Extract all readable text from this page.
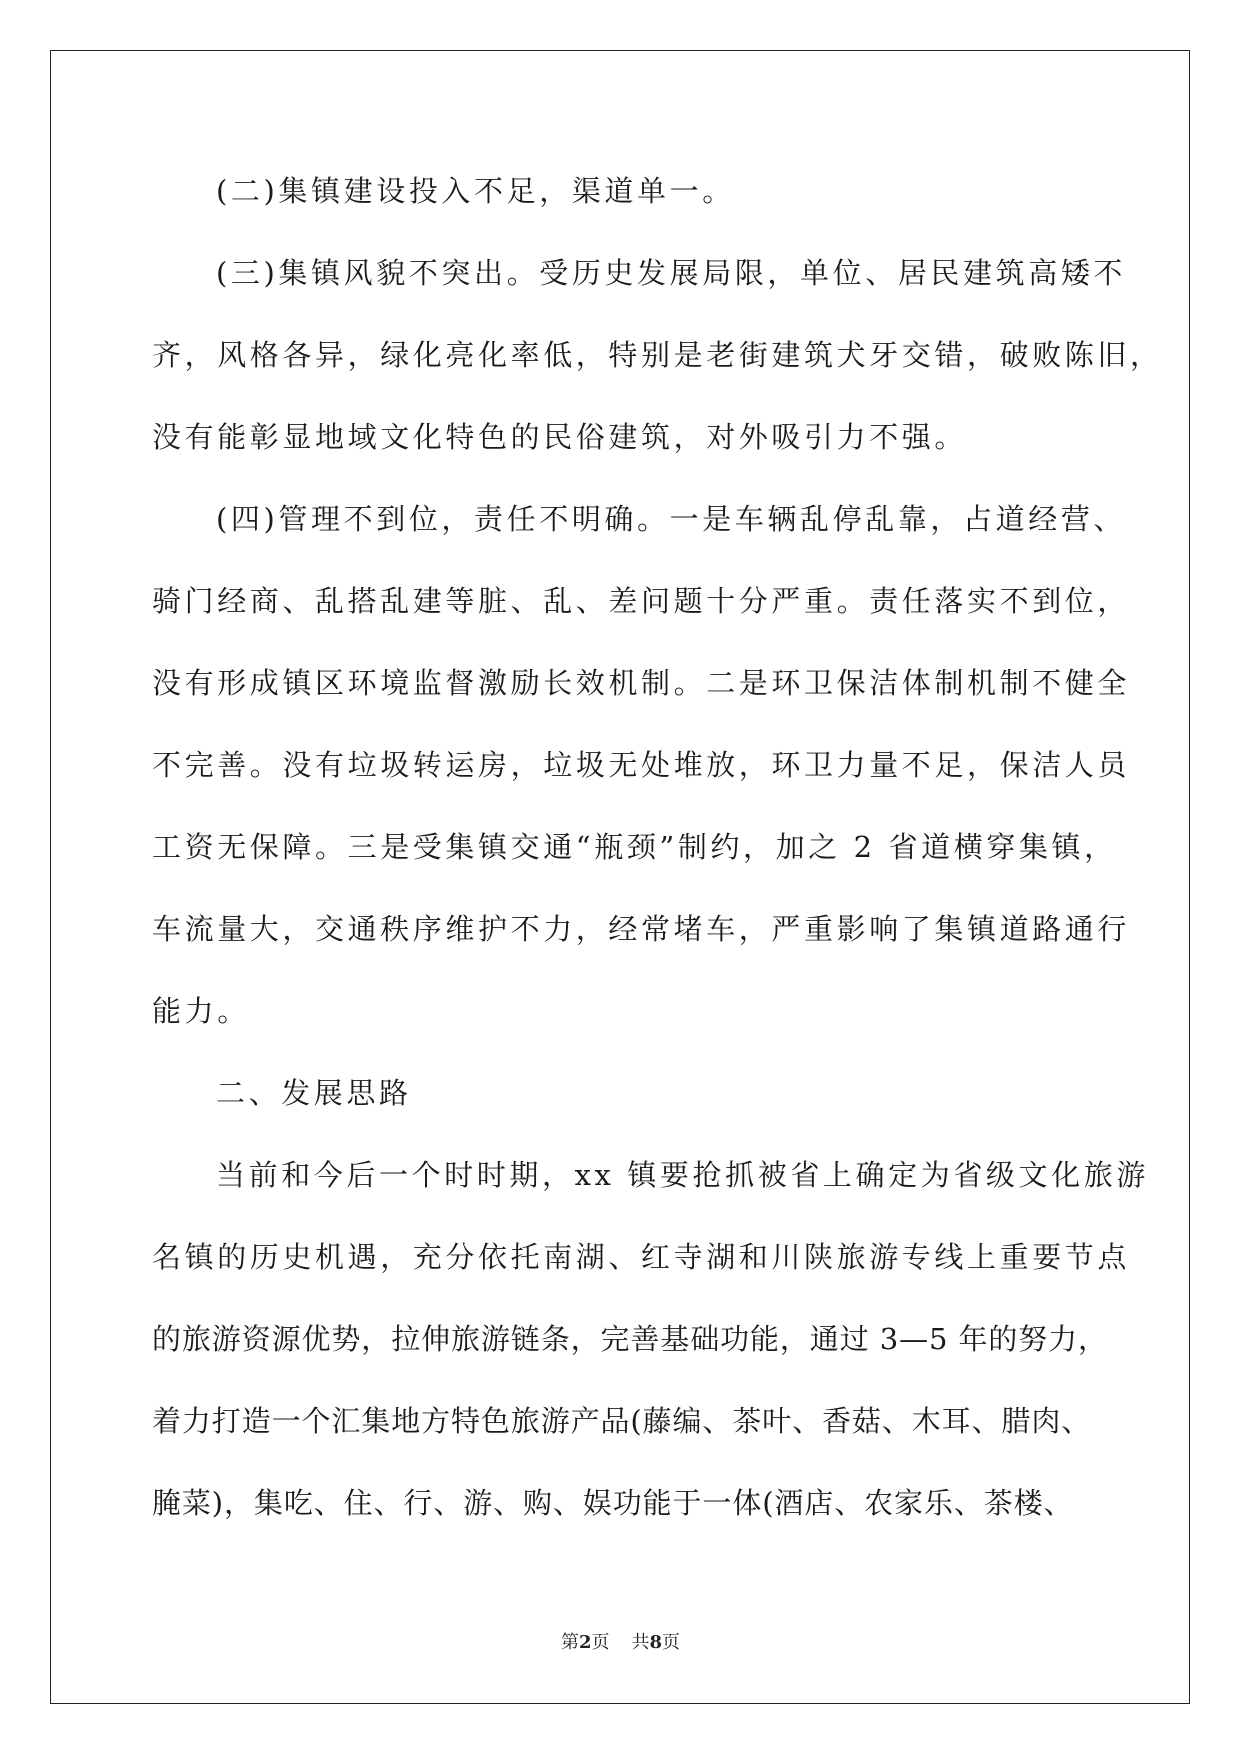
(二)集镇建设投入不足，渠道单一。
(三)集镇风貌不突出。受历史发展局限，单位、居民建筑高矮不
齐，风格各异，绿化亮化率低，特别是老街建筑犬牙交错，破败陈旧，
没有能彰显地域文化特色的民俗建筑，对外吸引力不强。
(四)管理不到位，责任不明确。一是车辆乱停乱靠，占道经营、
骑门经商、乱搭乱建等脏、乱、差问题十分严重。责任落实不到位，
没有形成镇区环境监督激励长效机制。二是环卫保洁体制机制不健全
不完善。没有垃圾转运房，垃圾无处堆放，环卫力量不足，保洁人员
工资无保障。三是受集镇交通“瓶颈”制约，加之 2 省道横穿集镇，
车流量大，交通秩序维护不力，经常堵车，严重影响了集镇道路通行
能力。
二、发展思路
当前和今后一个时时期，xx 镇要抢抓被省上确定为省级文化旅游
名镇的历史机遇，充分依托南湖、红寺湖和川陕旅游专线上重要节点
的旅游资源优势，拉伸旅游链条，完善基础功能，通过 3—5 年的努力，
着力打造一个汇集地方特色旅游产品(藤编、茶叶、香菇、木耳、腊肉、
腌菜)，集吃、住、行、游、购、娱功能于一体(酒店、农家乐、茶楼、
第2页 共8页
